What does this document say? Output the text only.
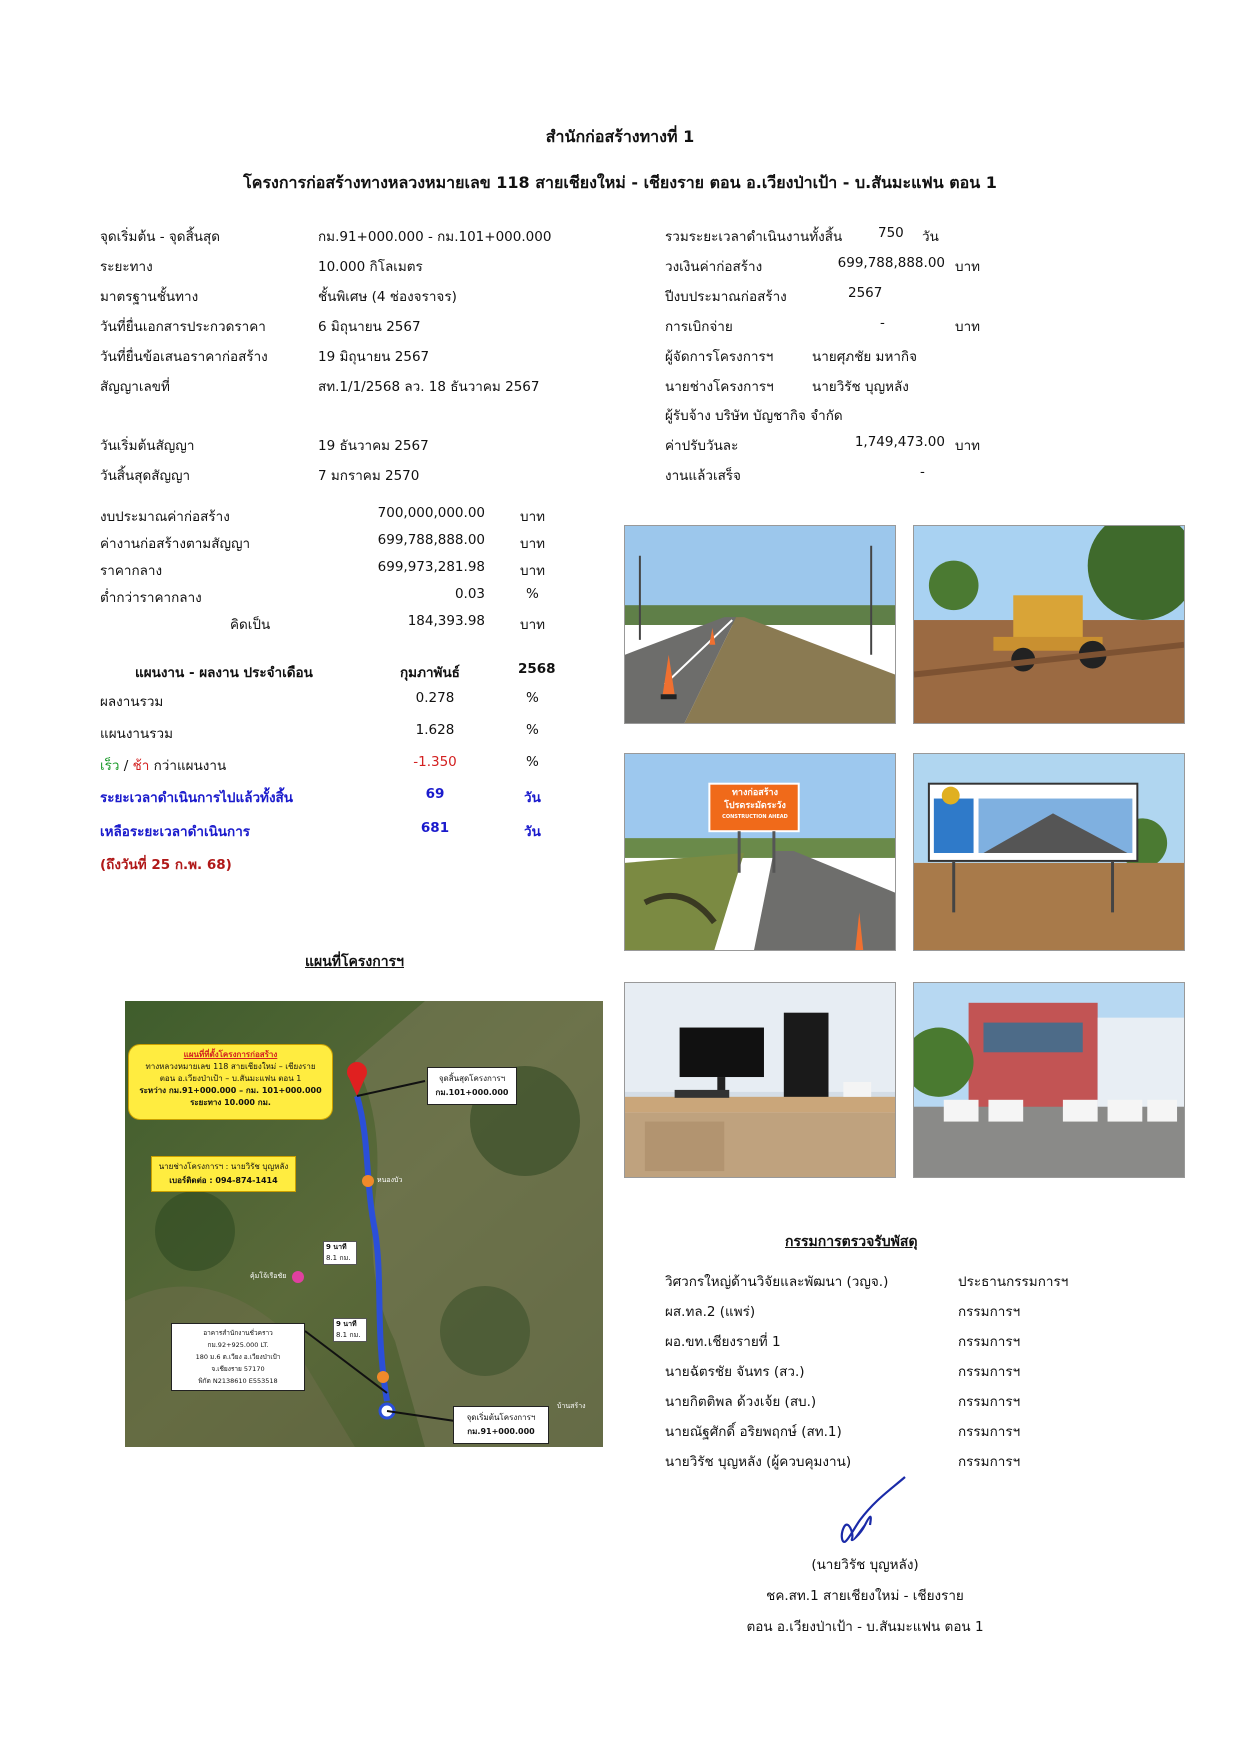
สำนักก่อสร้างทางที่ 1
โครงการก่อสร้างทางหลวงหมายเลข 118 สายเชียงใหม่ - เชียงราย ตอน อ.เวียงป่าเป้า - บ.สันมะแฟน ตอน 1
จุดเริ่มต้น - จุดสิ้นสุด	กม.91+000.000 - กม.101+000.000
ระยะทาง	10.000 กิโลเมตร
มาตรฐานชั้นทาง	ชั้นพิเศษ (4 ช่องจราจร)
วันที่ยื่นเอกสารประกวดราคา	6 มิถุนายน 2567
วันที่ยื่นข้อเสนอราคาก่อสร้าง	19 มิถุนายน 2567
สัญญาเลขที่	สท.1/1/2568 ลว. 18 ธันวาคม 2567
วันเริ่มต้นสัญญา	19 ธันวาคม 2567
วันสิ้นสุดสัญญา	7 มกราคม 2570
รวมระยะเวลาดำเนินงานทั้งสิ้น	750 วัน
วงเงินค่าก่อสร้าง	699,788,888.00 บาท
ปีงบประมาณก่อสร้าง	2567
การเบิกจ่าย	-	บาท
ผู้จัดการโครงการฯ	นายศุภชัย มหากิจ
นายช่างโครงการฯ	นายวิรัช บุญหลัง
ผู้รับจ้าง บริษัท บัญชากิจ จำกัด
ค่าปรับวันละ	1,749,473.00 บาท
งานแล้วเสร็จ	-
งบประมาณค่าก่อสร้าง	700,000,000.00	บาท
ค่างานก่อสร้างตามสัญญา	699,788,888.00	บาท
ราคากลาง	699,973,281.98	บาท
ต่ำกว่าราคากลาง	0.03	%
คิดเป็น	184,393.98	บาท
แผนงาน - ผลงาน ประจำเดือน	กุมภาพันธ์	2568
ผลงานรวม	0.278	%
แผนงานรวม	1.628	%
เร็ว / ช้า กว่าแผนงาน	-1.350	%
ระยะเวลาดำเนินการไปแล้วทั้งสิ้น	69	วัน
เหลือระยะเวลาดำเนินการ	681	วัน
(ถึงวันที่ 25 ก.พ. 68)
แผนที่โครงการฯ
แผนที่ที่ตั้งโครงการก่อสร้าง
ทางหลวงหมายเลข 118 สายเชียงใหม่ – เชียงราย
ตอน อ.เวียงป่าเป้า – บ.สันมะแฟน ตอน 1
ระหว่าง กม.91+000.000 – กม. 101+000.000
ระยะทาง 10.000 กม.
นายช่างโครงการฯ : นายวิรัช บุญหลัง
เบอร์ติดต่อ : 094-874-1414
จุดสิ้นสุดโครงการฯ
กม.101+000.000
จุดเริ่มต้นโครงการฯ
กม.91+000.000
อาคารสำนักงานชั่วคราว
กม.92+925.000 LT.
180 ม.6 ต.เวียง อ.เวียงป่าเป้า
จ.เชียงราย 57170
พิกัด N2138610 E553518
9 นาที
8.1 กม.
9 นาที
8.1 กม.
หนองบัว
คุ้มโจ้เรือชัย
บ้านสร้าง
ทางก่อสร้าง
โปรดระมัดระวัง
CONSTRUCTION AHEAD
กรรมการตรวจรับพัสดุ
วิศวกรใหญ่ด้านวิจัยและพัฒนา (วญจ.)	ประธานกรรมการฯ
ผส.ทล.2 (แพร่)	กรรมการฯ
ผอ.ขท.เชียงรายที่ 1	กรรมการฯ
นายฉัตรชัย จันทร (สว.)	กรรมการฯ
นายกิตติพล ด้วงเจ้ย (สบ.)	กรรมการฯ
นายณัฐศักดิ์ อริยพฤกษ์ (สท.1)	กรรมการฯ
นายวิรัช บุญหลัง (ผู้ควบคุมงาน)	กรรมการฯ
(นายวิรัช บุญหลัง)
ชค.สท.1 สายเชียงใหม่ - เชียงราย
ตอน อ.เวียงป่าเป้า - บ.สันมะแฟน ตอน 1
